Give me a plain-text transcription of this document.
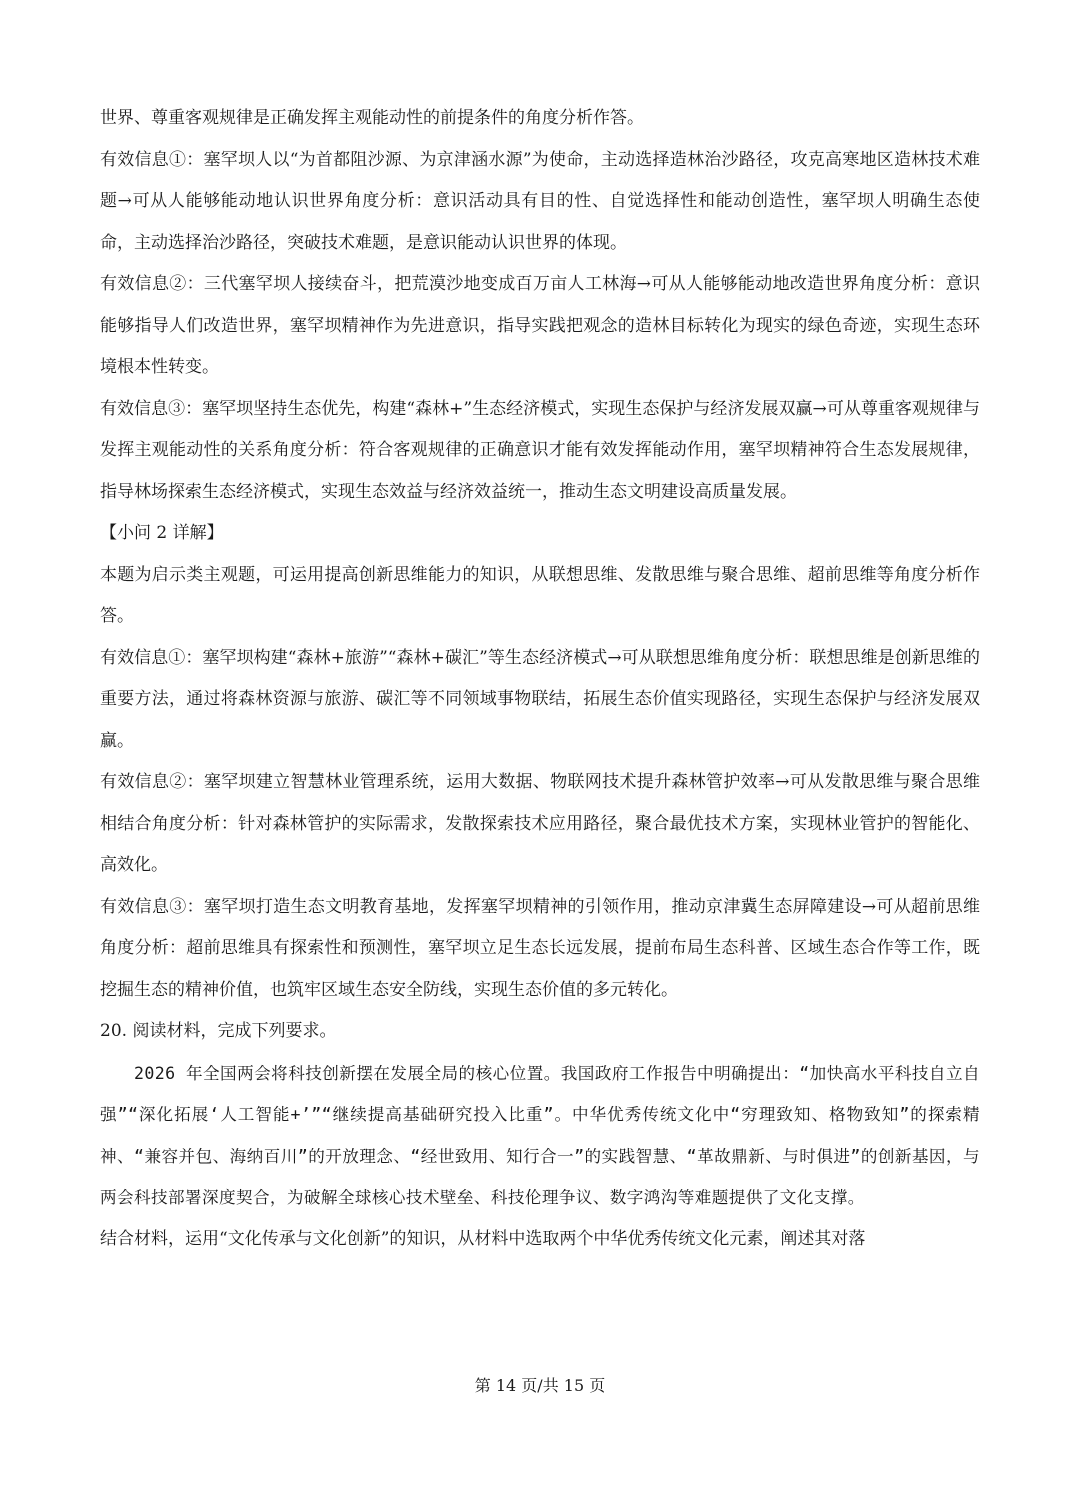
世界、尊重客观规律是正确发挥主观能动性的前提条件的角度分析作答。

有效信息①：塞罕坝人以“为首都阻沙源、为京津涵水源”为使命，主动选择造林治沙路径，攻克高寒地区造林技术难题→可从人能够能动地认识世界角度分析：意识活动具有目的性、自觉选择性和能动创造性，塞罕坝人明确生态使命，主动选择治沙路径，突破技术难题，是意识能动认识世界的体现。

有效信息②：三代塞罕坝人接续奋斗，把荒漠沙地变成百万亩人工林海→可从人能够能动地改造世界角度分析：意识能够指导人们改造世界，塞罕坝精神作为先进意识，指导实践把观念的造林目标转化为现实的绿色奇迹，实现生态环境根本性转变。

有效信息③：塞罕坝坚持生态优先，构建“森林+”生态经济模式，实现生态保护与经济发展双赢→可从尊重客观规律与发挥主观能动性的关系角度分析：符合客观规律的正确意识才能有效发挥能动作用，塞罕坝精神符合生态发展规律，指导林场探索生态经济模式，实现生态效益与经济效益统一，推动生态文明建设高质量发展。

【小问 2 详解】

本题为启示类主观题，可运用提高创新思维能力的知识，从联想思维、发散思维与聚合思维、超前思维等角度分析作答。

有效信息①：塞罕坝构建“森林+旅游”“森林+碳汇”等生态经济模式→可从联想思维角度分析：联想思维是创新思维的重要方法，通过将森林资源与旅游、碳汇等不同领域事物联结，拓展生态价值实现路径，实现生态保护与经济发展双赢。

有效信息②：塞罕坝建立智慧林业管理系统，运用大数据、物联网技术提升森林管护效率→可从发散思维与聚合思维相结合角度分析：针对森林管护的实际需求，发散探索技术应用路径，聚合最优技术方案，实现林业管护的智能化、高效化。

有效信息③：塞罕坝打造生态文明教育基地，发挥塞罕坝精神的引领作用，推动京津冀生态屏障建设→可从超前思维角度分析：超前思维具有探索性和预测性，塞罕坝立足生态长远发展，提前布局生态科普、区域生态合作等工作，既挖掘生态的精神价值，也筑牢区域生态安全防线，实现生态价值的多元转化。

20. 阅读材料，完成下列要求。

2026 年全国两会将科技创新摆在发展全局的核心位置。我国政府工作报告中明确提出：“加快高水平科技自立自强”“深化拓展‘人工智能+’”“继续提高基础研究投入比重”。中华优秀传统文化中“穷理致知、格物致知”的探索精神、“兼容并包、海纳百川”的开放理念、“经世致用、知行合一”的实践智慧、“革故鼎新、与时俱进”的创新基因，与两会科技部署深度契合，为破解全球核心技术壁垒、科技伦理争议、数字鸿沟等难题提供了文化支撑。

结合材料，运用“文化传承与文化创新”的知识，从材料中选取两个中华优秀传统文化元素，阐述其对落

第 14 页/共 15 页
